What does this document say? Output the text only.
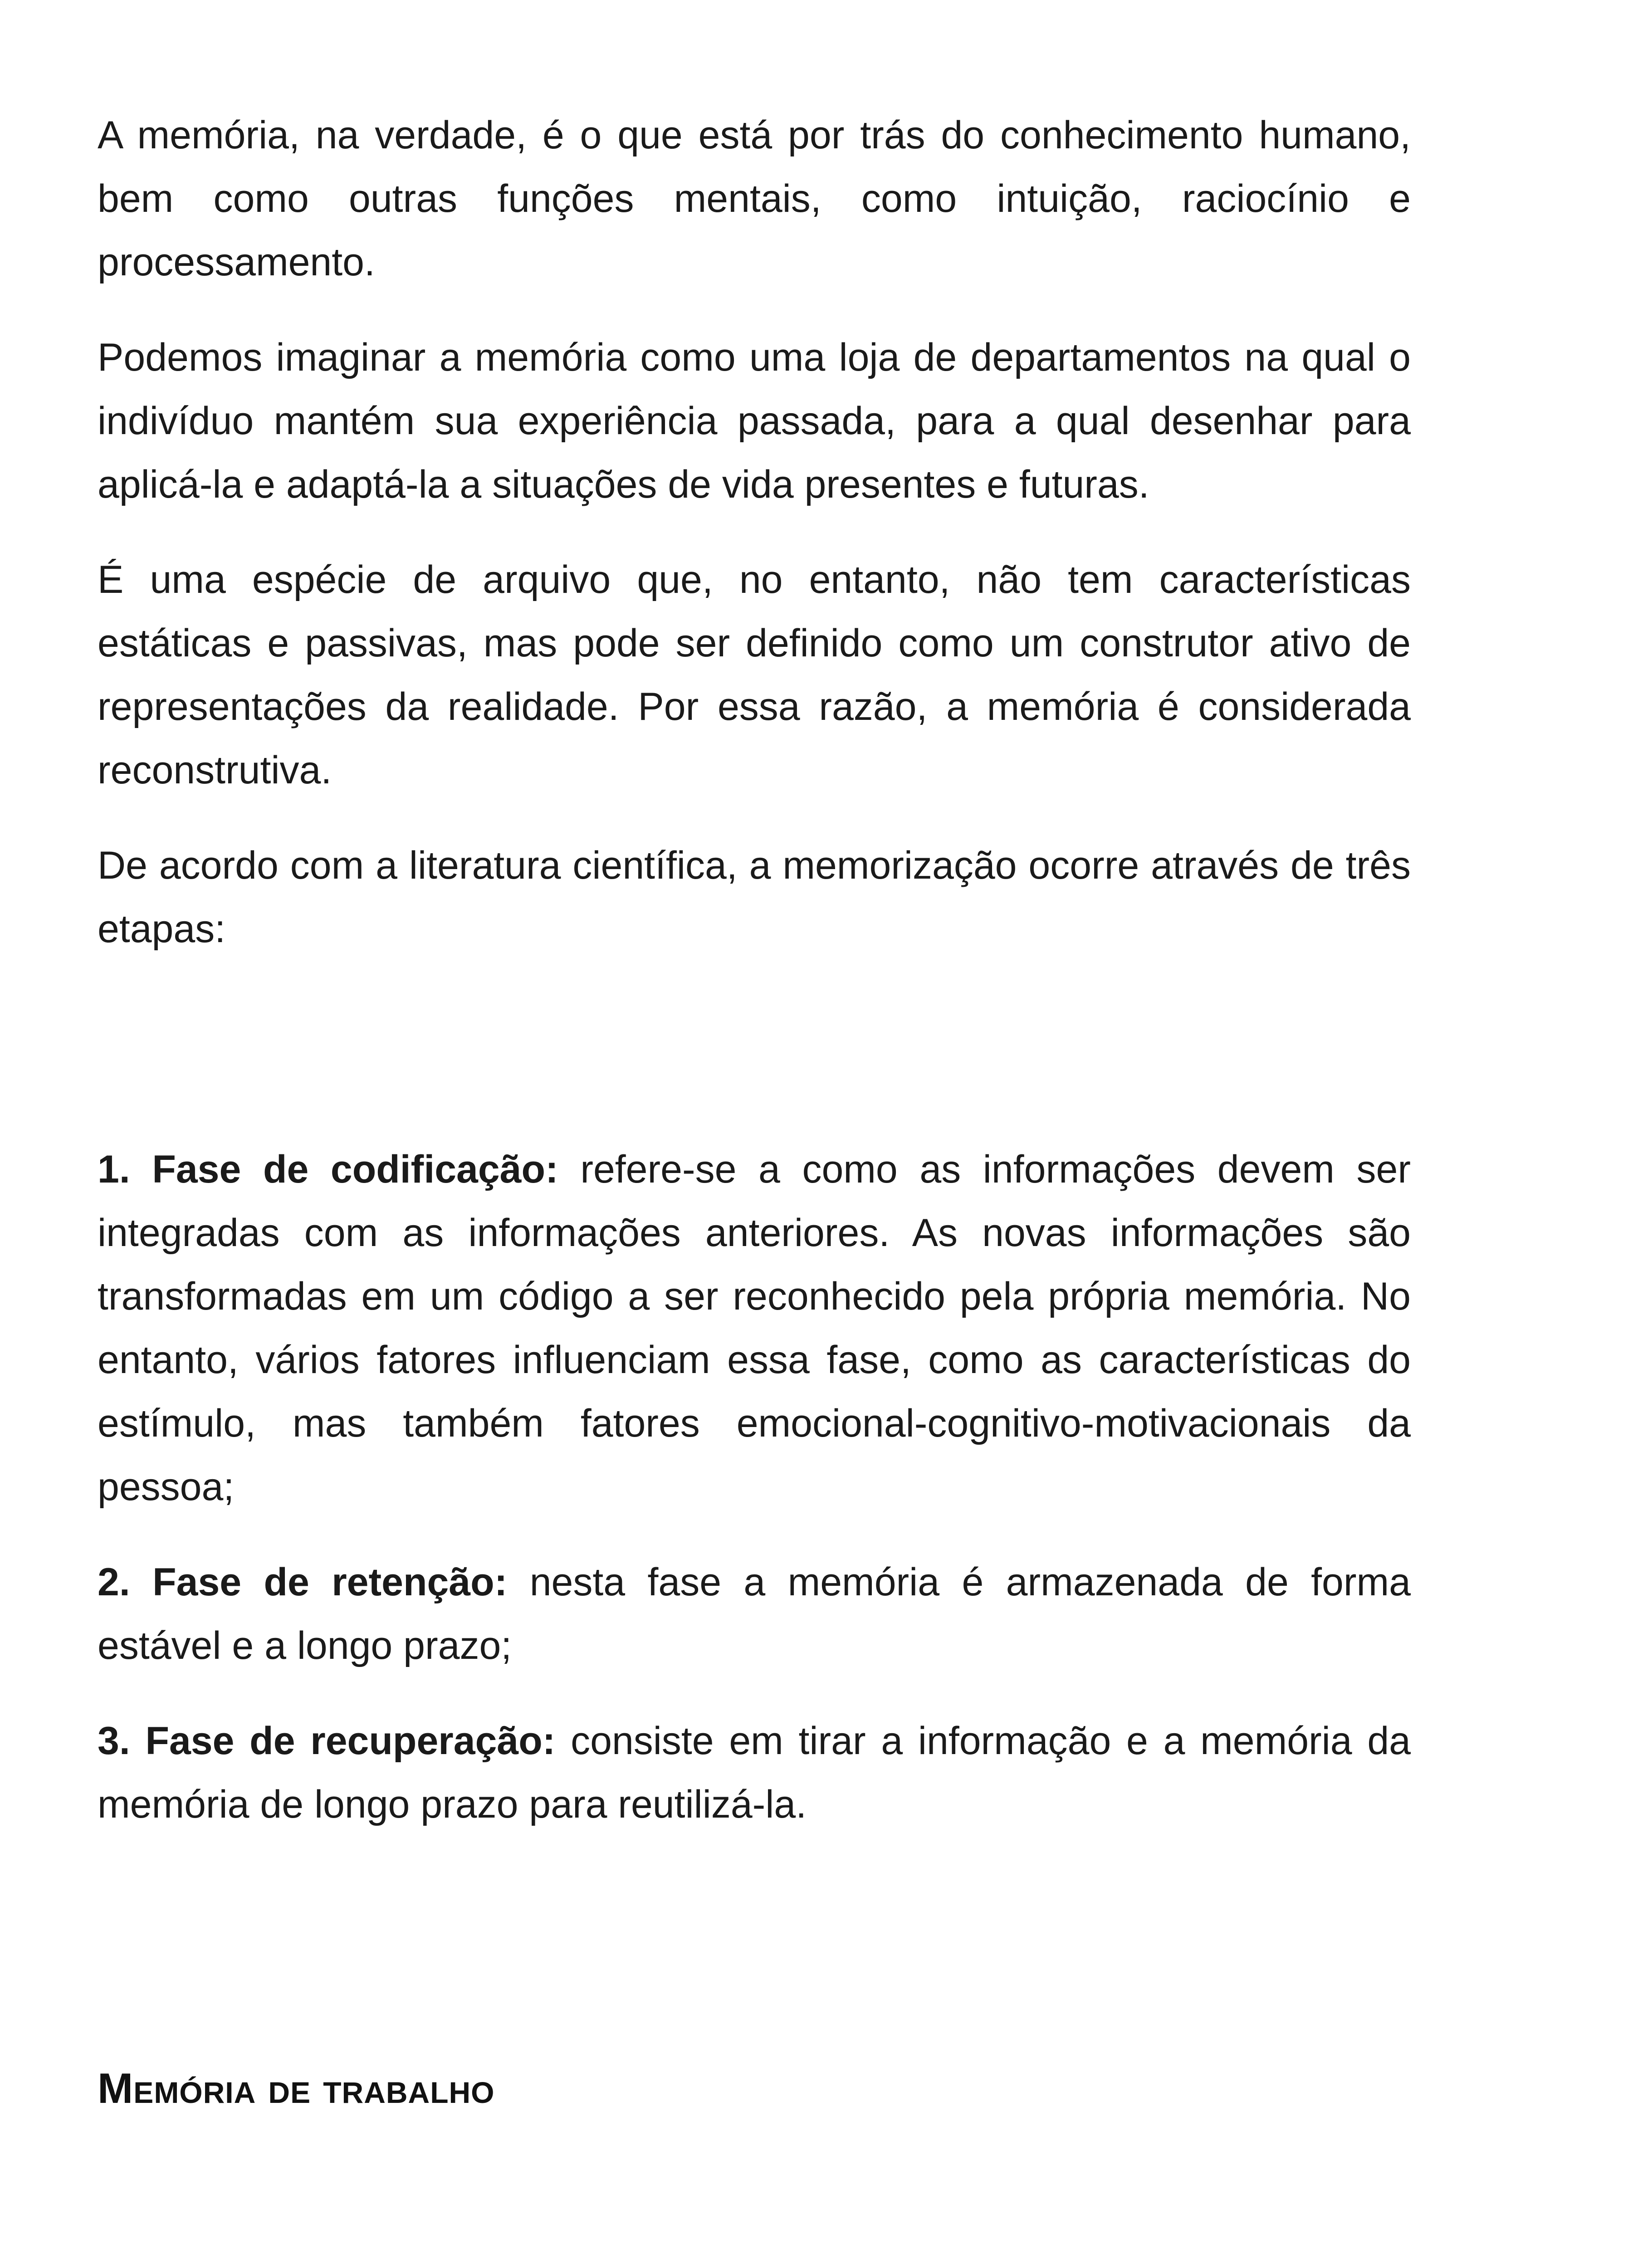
A memória, na verdade, é o que está por trás do conhecimento humano, bem como outras funções mentais, como intuição, raciocínio e processamento.

Podemos imaginar a memória como uma loja de departamentos na qual o indivíduo mantém sua experiência passada, para a qual desenhar para aplicá-la e adaptá-la a situações de vida presentes e futuras.

É uma espécie de arquivo que, no entanto, não tem características estáticas e passivas, mas pode ser definido como um construtor ativo de representações da realidade. Por essa razão, a memória é considerada reconstrutiva.

De acordo com a literatura científica, a memorização ocorre através de três etapas:

1. Fase de codificação: refere-se a como as informações devem ser integradas com as informações anteriores. As novas informações são transformadas em um código a ser reconhecido pela própria memória. No entanto, vários fatores influenciam essa fase, como as características do estímulo, mas também fatores emocional-cognitivo-motivacionais da pessoa;

2. Fase de retenção: nesta fase a memória é armazenada de forma estável e a longo prazo;

3. Fase de recuperação: consiste em tirar a informação e a memória da memória de longo prazo para reutilizá-la.

Memória de trabalho
